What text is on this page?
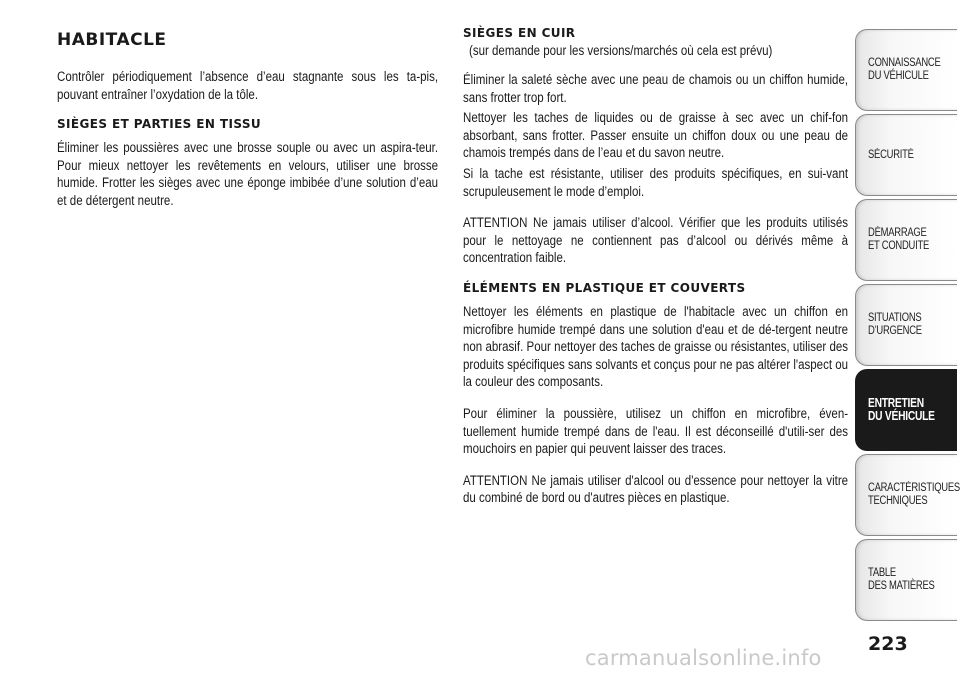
HABITACLE

Contrôler périodiquement l’absence d’eau stagnante sous les ta-pis, pouvant entraîner l’oxydation de la tôle.

SIÈGES ET PARTIES EN TISSU

Éliminer les poussières avec une brosse souple ou avec un aspira-teur. Pour mieux nettoyer les revêtements en velours, utiliser une brosse humide. Frotter les sièges avec une éponge imbibée d’une solution d’eau et de détergent neutre.

SIÈGES EN CUIR
(sur demande pour les versions/marchés où cela est prévu)

Éliminer la saleté sèche avec une peau de chamois ou un chiffon humide, sans frotter trop fort.

Nettoyer les taches de liquides ou de graisse à sec avec un chif-fon absorbant, sans frotter. Passer ensuite un chiffon doux ou une peau de chamois trempés dans de l’eau et du savon neutre.

Si la tache est résistante, utiliser des produits spécifiques, en sui-vant scrupuleusement le mode d’emploi.

ATTENTION Ne jamais utiliser d’alcool. Vérifier que les produits utilisés pour le nettoyage ne contiennent pas d’alcool ou dérivés même à concentration faible.

ÉLÉMENTS EN PLASTIQUE ET COUVERTS

Nettoyer les éléments en plastique de l'habitacle avec un chiffon en microfibre humide trempé dans une solution d'eau et de dé-tergent neutre non abrasif. Pour nettoyer des taches de graisse ou résistantes, utiliser des produits spécifiques sans solvants et conçus pour ne pas altérer l'aspect ou la couleur des composants.

Pour éliminer la poussière, utilisez un chiffon en microfibre, éven-tuellement humide trempé dans de l'eau. Il est déconseillé d'utili-ser des mouchoirs en papier qui peuvent laisser des traces.

ATTENTION Ne jamais utiliser d'alcool ou d'essence pour nettoyer la vitre du combiné de bord ou d'autres pièces en plastique.

CONNAISSANCE
DU VÉHICULE
SÉCURITÉ
DÉMARRAGE
ET CONDUITE
SITUATIONS
D’URGENCE
ENTRETIEN
DU VÉHICULE
CARACTÉRISTIQUES
TECHNIQUES
TABLE
DES MATIÈRES
223
carmanualsonline.info
